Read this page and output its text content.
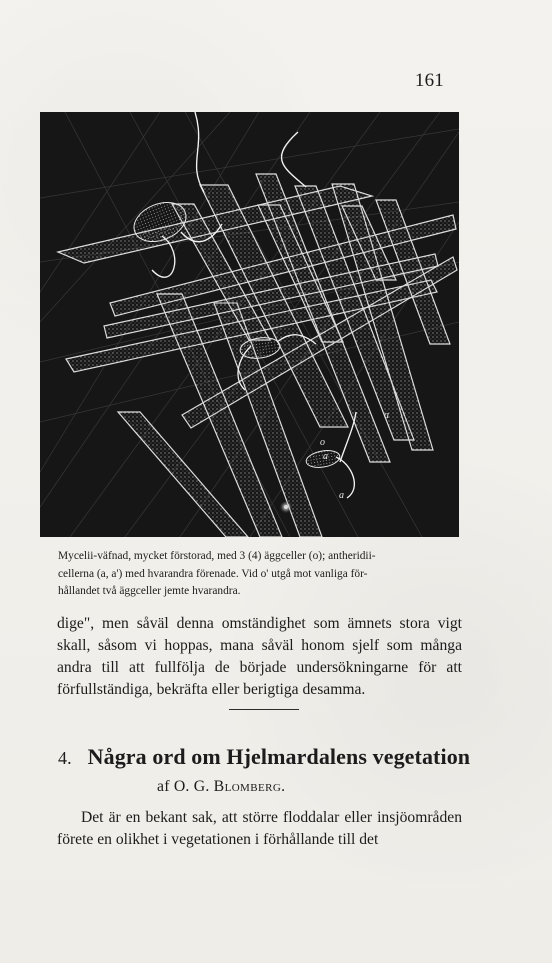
161
a
o
a
a
Mycelii-väfnad, mycket förstorad, med 3 (4) äggceller (o); antheridii-
cellerna (a, a') med hvarandra förenade. Vid o' utgå mot vanliga för-
hållandet två äggceller jemte hvarandra.

dige", men såväl denna omständighet som ämnets stora vigt skall, såsom vi hoppas, mana såväl honom sjelf som många andra till att fullfölja de började undersökningarne för att förfullständiga, bekräfta eller berigtiga desamma.

4. Några ord om Hjelmardalens vegetation
af O. G. Blomberg.

Det är en bekant sak, att större floddalar eller insjöområden förete en olikhet i vegetationen i förhållande till det
